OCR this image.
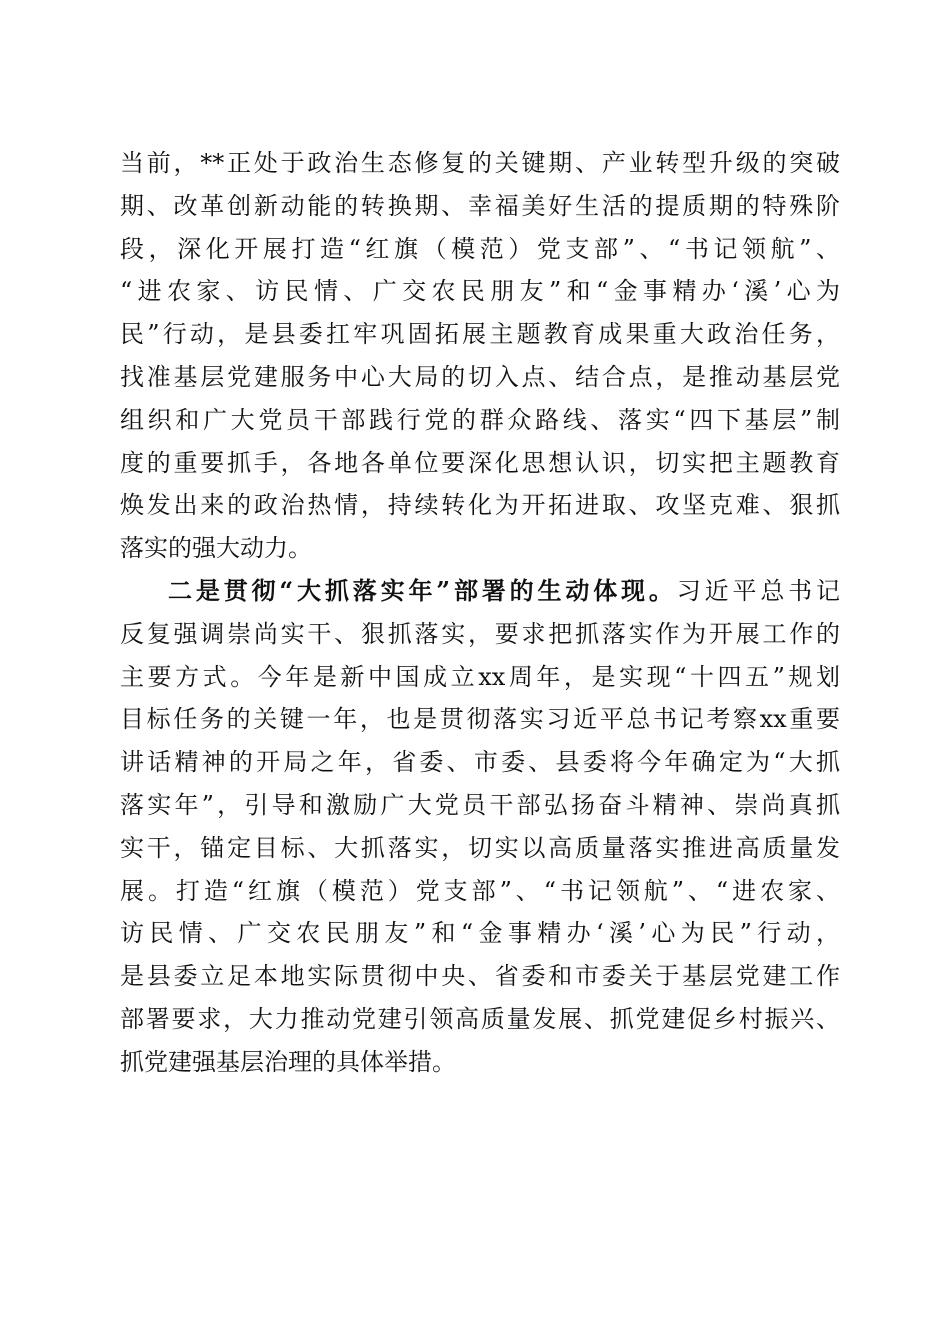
当前，**正处于政治生态修复的关键期、产业转型升级的突破
期、改革创新动能的转换期、幸福美好生活的提质期的特殊阶
段，深化开展打造“红旗（模范）党支部”、“书记领航”、
“进农家、访民情、广交农民朋友”和“金事精办‘溪’心为
民”行动，是县委扛牢巩固拓展主题教育成果重大政治任务，
找准基层党建服务中心大局的切入点、结合点，是推动基层党
组织和广大党员干部践行党的群众路线、落实“四下基层”制
度的重要抓手，各地各单位要深化思想认识，切实把主题教育
焕发出来的政治热情，持续转化为开拓进取、攻坚克难、狠抓
落实的强大动力。
二是贯彻“大抓落实年”部署的生动体现。习近平总书记
反复强调崇尚实干、狠抓落实，要求把抓落实作为开展工作的
主要方式。今年是新中国成立xx周年，是实现“十四五”规划
目标任务的关键一年，也是贯彻落实习近平总书记考察xx重要
讲话精神的开局之年，省委、市委、县委将今年确定为“大抓
落实年”，引导和激励广大党员干部弘扬奋斗精神、崇尚真抓
实干，锚定目标、大抓落实，切实以高质量落实推进高质量发
展。打造“红旗（模范）党支部”、“书记领航”、“进农家、
访民情、广交农民朋友”和“金事精办‘溪’心为民”行动，
是县委立足本地实际贯彻中央、省委和市委关于基层党建工作
部署要求，大力推动党建引领高质量发展、抓党建促乡村振兴、
抓党建强基层治理的具体举措。
